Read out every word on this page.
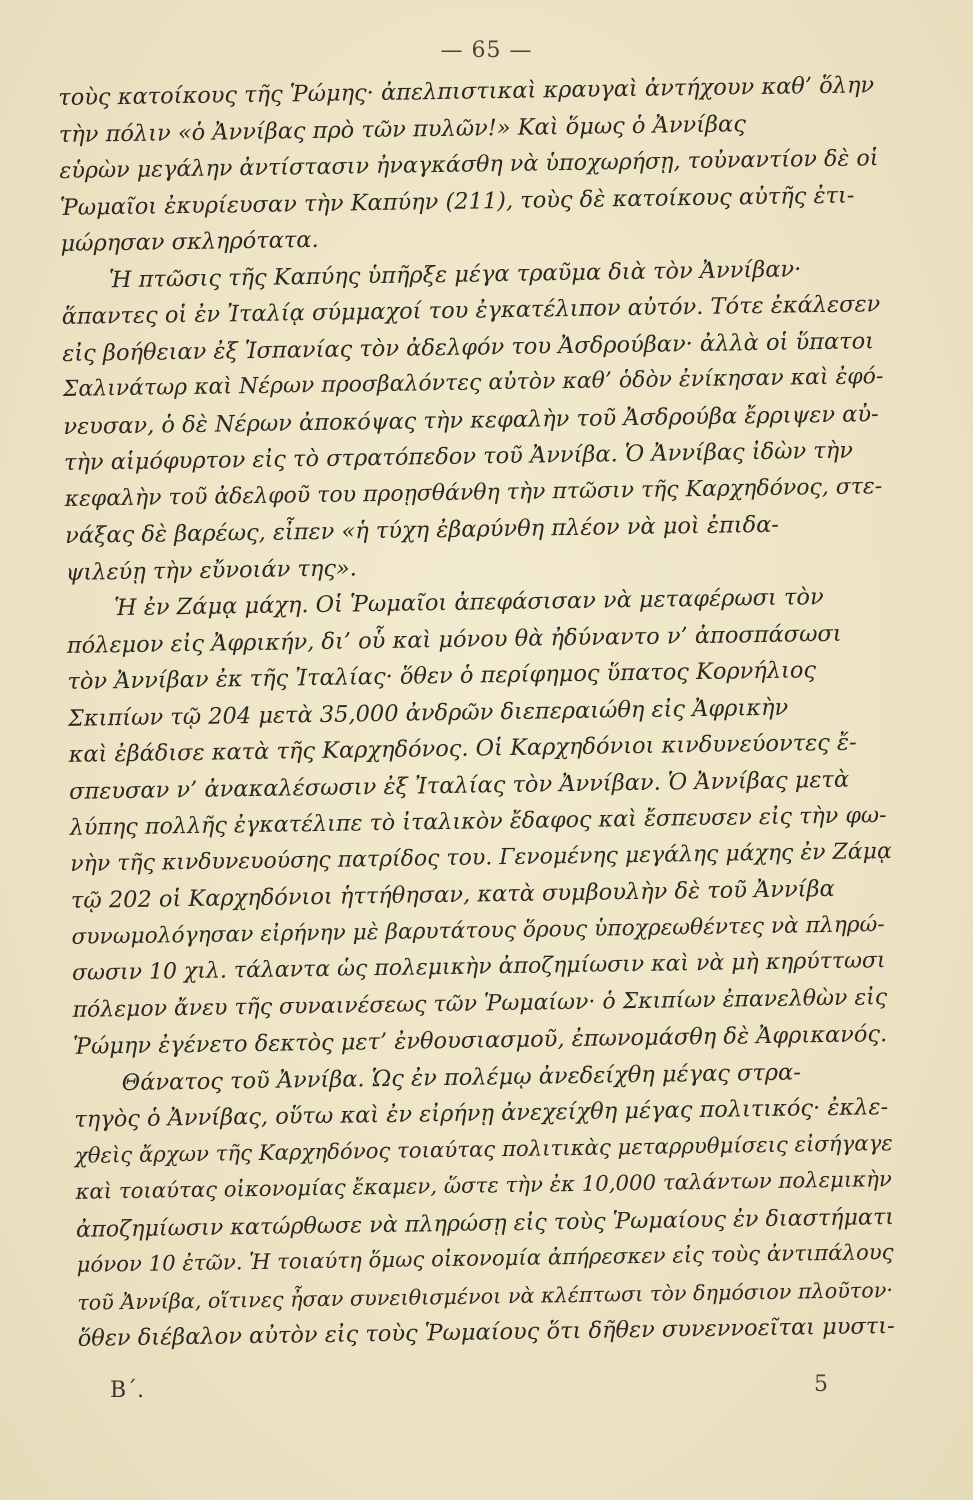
— 65 —
τοὺς κατοίκους τῆς Ῥώμης· ἀπελπιστικαὶ κραυγαὶ ἀντήχουν καθ’ ὅλην
τὴν πόλιν «ὁ Ἀννίβας πρὸ τῶν πυλῶν!» Καὶ ὅμως ὁ Ἀννίβας
εὑρὼν μεγάλην ἀντίστασιν ἠναγκάσθη νὰ ὑποχωρήσῃ, τοὐναντίον δὲ οἱ
Ῥωμαῖοι ἐκυρίευσαν τὴν Καπύην (211), τοὺς δὲ κατοίκους αὐτῆς ἐτι-
μώρησαν σκληρότατα.
Ἡ πτῶσις τῆς Καπύης ὑπῆρξε μέγα τραῦμα διὰ τὸν Ἀννίβαν·
ἅπαντες οἱ ἐν Ἰταλίᾳ σύμμαχοί του ἐγκατέλιπον αὐτόν. Τότε ἐκάλεσεν
εἰς βοήθειαν ἐξ Ἱσπανίας τὸν ἀδελφόν του Ἀσδρούβαν· ἀλλὰ οἱ ὕπατοι
Σαλινάτωρ καὶ Νέρων προσβαλόντες αὐτὸν καθ’ ὁδὸν ἐνίκησαν καὶ ἐφό-
νευσαν, ὁ δὲ Νέρων ἀποκόψας τὴν κεφαλὴν τοῦ Ἀσδρούβα ἔρριψεν αὐ-
τὴν αἱμόφυρτον εἰς τὸ στρατόπεδον τοῦ Ἀννίβα. Ὁ Ἀννίβας ἰδὼν τὴν
κεφαλὴν τοῦ ἀδελφοῦ του προῃσθάνθη τὴν πτῶσιν τῆς Καρχηδόνος, στε-
νάξας δὲ βαρέως, εἶπεν «ἡ τύχη ἐβαρύνθη πλέον νὰ μοὶ ἐπιδα-
ψιλεύῃ τὴν εὔνοιάν της».
Ἡ ἐν Ζάμᾳ μάχη. Οἱ Ῥωμαῖοι ἀπεφάσισαν νὰ μεταφέρωσι τὸν
πόλεμον εἰς Ἀφρικήν, δι’ οὗ καὶ μόνου θὰ ἠδύναντο ν’ ἀποσπάσωσι
τὸν Ἀννίβαν ἐκ τῆς Ἰταλίας· ὅθεν ὁ περίφημος ὕπατος Κορνήλιος
Σκιπίων τῷ 204 μετὰ 35,000 ἀνδρῶν διεπεραιώθη εἰς Ἀφρικὴν
καὶ ἐβάδισε κατὰ τῆς Καρχηδόνος. Οἱ Καρχηδόνιοι κινδυνεύοντες ἔ-
σπευσαν ν’ ἀνακαλέσωσιν ἐξ Ἰταλίας τὸν Ἀννίβαν. Ὁ Ἀννίβας μετὰ
λύπης πολλῆς ἐγκατέλιπε τὸ ἰταλικὸν ἔδαφος καὶ ἔσπευσεν εἰς τὴν φω-
νὴν τῆς κινδυνευούσης πατρίδος του. Γενομένης μεγάλης μάχης ἐν Ζάμᾳ
τῷ 202 οἱ Καρχηδόνιοι ἡττήθησαν, κατὰ συμβουλὴν δὲ τοῦ Ἀννίβα
συνωμολόγησαν εἰρήνην μὲ βαρυτάτους ὅρους ὑποχρεωθέντες νὰ πληρώ-
σωσιν 10 χιλ. τάλαντα ὡς πολεμικὴν ἀποζημίωσιν καὶ νὰ μὴ κηρύττωσι
πόλεμον ἄνευ τῆς συναινέσεως τῶν Ῥωμαίων· ὁ Σκιπίων ἐπανελθὼν εἰς
Ῥώμην ἐγένετο δεκτὸς μετ’ ἐνθουσιασμοῦ, ἐπωνομάσθη δὲ Ἀφρικανός.
Θάνατος τοῦ Ἀννίβα. Ὡς ἐν πολέμῳ ἀνεδείχθη μέγας στρα-
τηγὸς ὁ Ἀννίβας, οὕτω καὶ ἐν εἰρήνῃ ἀνεχείχθη μέγας πολιτικός· ἐκλε-
χθεὶς ἄρχων τῆς Καρχηδόνος τοιαύτας πολιτικὰς μεταρρυθμίσεις εἰσήγαγε
καὶ τοιαύτας οἰκονομίας ἔκαμεν, ὥστε τὴν ἐκ 10,000 ταλάντων πολεμικὴν
ἀποζημίωσιν κατώρθωσε νὰ πληρώσῃ εἰς τοὺς Ῥωμαίους ἐν διαστήματι
μόνον 10 ἐτῶν. Ἡ τοιαύτη ὅμως οἰκονομία ἀπήρεσκεν εἰς τοὺς ἀντιπάλους
τοῦ Ἀννίβα, οἵτινες ἦσαν συνειθισμένοι νὰ κλέπτωσι τὸν δημόσιον πλοῦτον·
ὅθεν διέβαλον αὐτὸν εἰς τοὺς Ῥωμαίους ὅτι δῆθεν συνεννοεῖται μυστι-
B΄.	5
